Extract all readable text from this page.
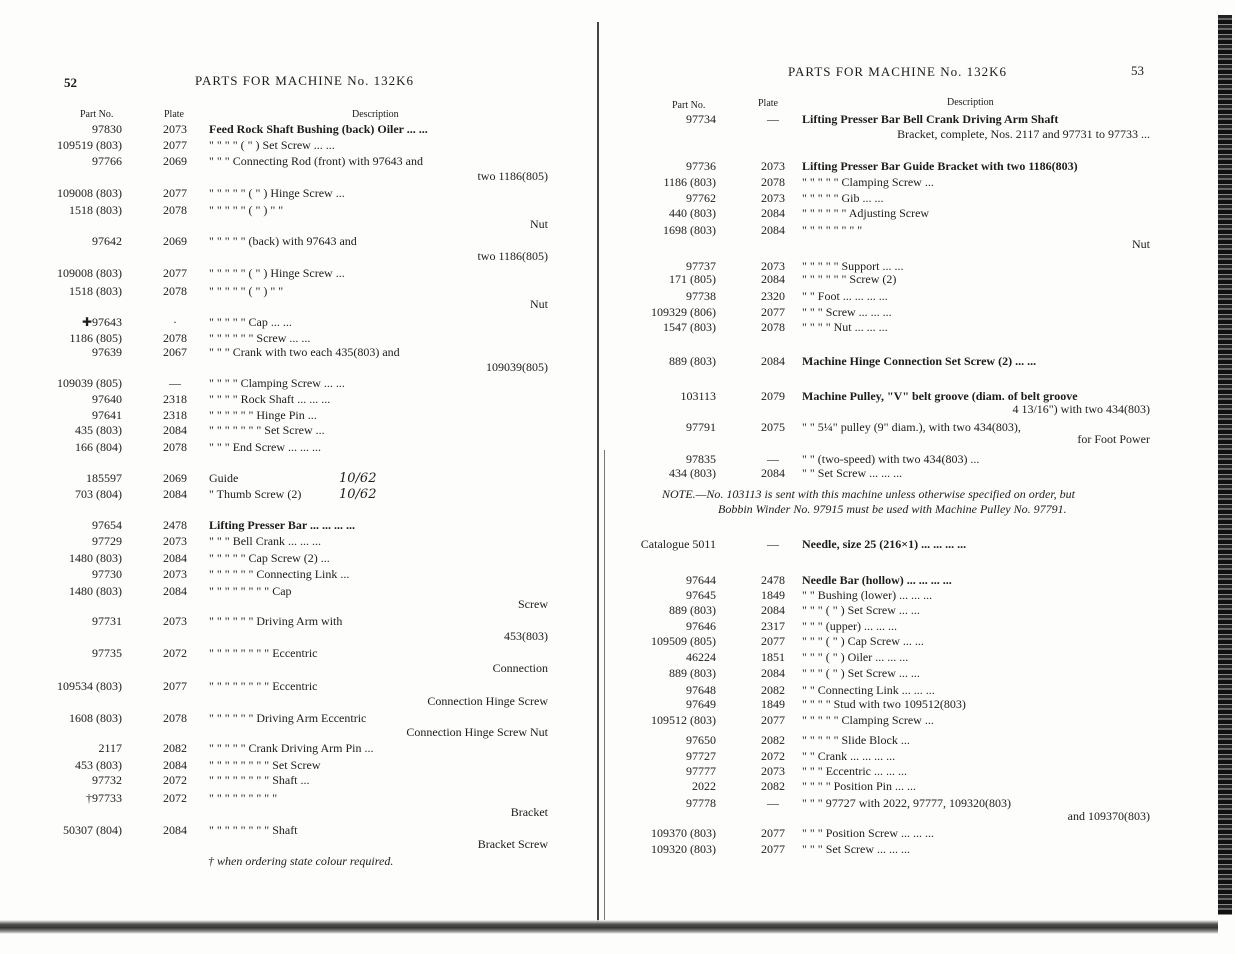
52	PARTS FOR MACHINE No. 132K6
Part No.	Plate	Description
97830	2073	Feed Rock Shaft Bushing (back) Oiler ... ...
109519 (803)	2077	" " " " ( " ) Set Screw ... ...
97766	2069	" " " Connecting Rod (front) with 97643 and
two 1186(805)
109008 (803)	2077	" " " " " ( " ) Hinge Screw ...
1518 (803)	2078	" " " " " ( " ) " "
Nut
97642	2069	" " " " " (back) with 97643 and
two 1186(805)
109008 (803)	2077	" " " " " ( " ) Hinge Screw ...
1518 (803)	2078	" " " " " ( " ) " "
Nut
✚97643	·	" " " " " Cap ... ...
1186 (805)	2078	" " " " " " Screw ... ...
97639	2067	" " " Crank with two each 435(803) and
109039(805)
109039 (805)	—	" " " " Clamping Screw ... ...
97640	2318	" " " " Rock Shaft ... ... ...
97641	2318	" " " " " " Hinge Pin ...
435 (803)	2084	" " " " " " " Set Screw ...
166 (804)	2078	" " " End Screw ... ... ...
185597	2069	Guide	10/62
703 (804)	2084	" Thumb Screw (2)	10/62
97654	2478	Lifting Presser Bar ... ... ... ...
97729	2073	" " " Bell Crank ... ... ...
1480 (803)	2084	" " " " " Cap Screw (2) ...
97730	2073	" " " " " " Connecting Link ...
1480 (803)	2084	" " " " " " " " Cap
Screw
97731	2073	" " " " " " Driving Arm with
453(803)
97735	2072	" " " " " " " " Eccentric
Connection
109534 (803)	2077	" " " " " " " " Eccentric
Connection Hinge Screw
1608 (803)	2078	" " " " " " Driving Arm Eccentric
Connection Hinge Screw Nut
2117	2082	" " " " " Crank Driving Arm Pin ...
453 (803)	2084	" " " " " " " " Set Screw
97732	2072	" " " " " " " " Shaft ...
†97733	2072	" " " " " " " " "
Bracket
50307 (804)	2084	" " " " " " " " Shaft
Bracket Screw
† when ordering state colour required.
PARTS FOR MACHINE No. 132K6	53
Part No.	Plate	Description
97734	—	Lifting Presser Bar Bell Crank Driving Arm Shaft
Bracket, complete, Nos. 2117 and 97731 to 97733 ...
97736	2073	Lifting Presser Bar Guide Bracket with two 1186(803)
1186 (803)	2078	" " " " " Clamping Screw ...
97762	2073	" " " " " Gib ... ...
440 (803)	2084	" " " " " " Adjusting Screw
1698 (803)	2084	" " " " " " " "
Nut
97737	2073	" " " " " Support ... ...
171 (805)	2084	" " " " " " Screw (2)
97738	2320	" " Foot ... ... ... ...
109329 (806)	2077	" " " Screw ... ... ...
1547 (803)	2078	" " " " Nut ... ... ...
889 (803)	2084	Machine Hinge Connection Set Screw (2) ... ...
103113	2079	Machine Pulley, "V" belt groove (diam. of belt groove
4 13/16") with two 434(803)
97791	2075	" " 5¼" pulley (9" diam.), with two 434(803),
for Foot Power
97835	—	" " (two-speed) with two 434(803) ...
434 (803)	2084	" " Set Screw ... ... ...
Catalogue 5011	—	Needle, size 25 (216×1) ... ... ... ...
97644	2478	Needle Bar (hollow) ... ... ... ...
97645	1849	" " Bushing (lower) ... ... ...
889 (803)	2084	" " " ( " ) Set Screw ... ...
97646	2317	" " " (upper) ... ... ...
109509 (805)	2077	" " " ( " ) Cap Screw ... ...
46224	1851	" " " ( " ) Oiler ... ... ...
889 (803)	2084	" " " ( " ) Set Screw ... ...
97648	2082	" " Connecting Link ... ... ...
97649	1849	" " " " Stud with two 109512(803)
109512 (803)	2077	" " " " " Clamping Screw ...
97650	2082	" " " " " Slide Block ...
97727	2072	" " Crank ... ... ... ...
97777	2073	" " " Eccentric ... ... ...
2022	2082	" " " " Position Pin ... ...
97778	—	" " " 97727 with 2022, 97777, 109320(803)
and 109370(803)
109370 (803)	2077	" " " Position Screw ... ... ...
109320 (803)	2077	" " " Set Screw ... ... ...
NOTE.—No. 103113 is sent with this machine unless otherwise specified on order, but
Bobbin Winder No. 97915 must be used with Machine Pulley No. 97791.
